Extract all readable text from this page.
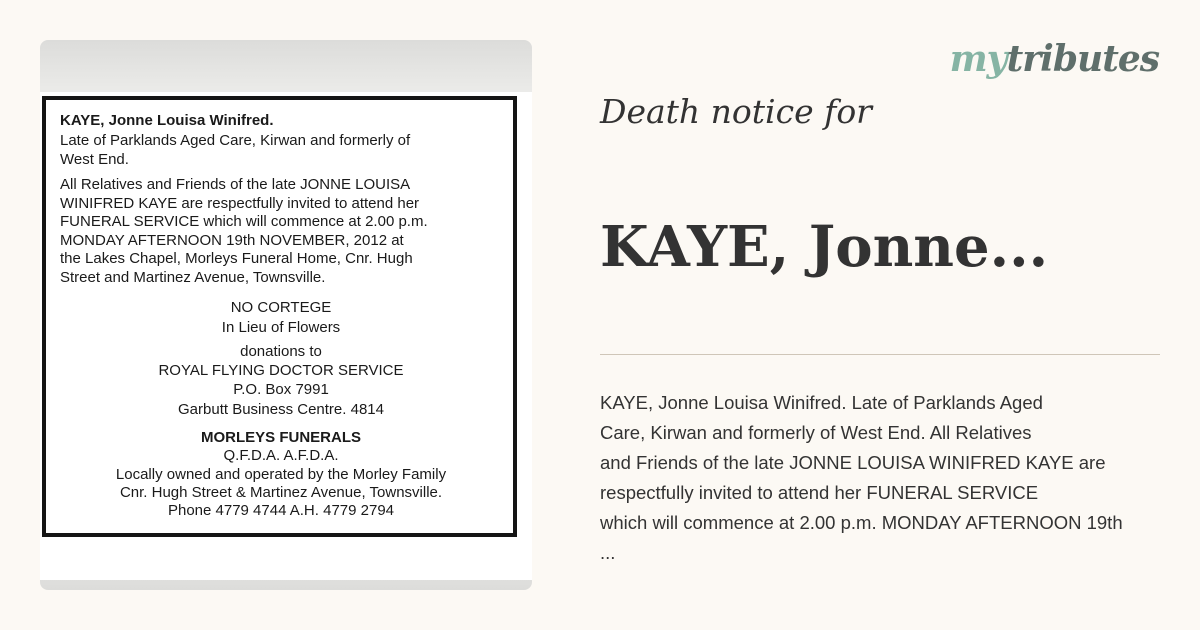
KAYE, Jonne Louisa Winifred.

Late of Parklands Aged Care, Kirwan and formerly of
West End.

All Relatives and Friends of the late JONNE LOUISA
WINIFRED KAYE are respectfully invited to attend her
FUNERAL SERVICE which will commence at 2.00 p.m.
MONDAY AFTERNOON 19th NOVEMBER, 2012 at
the Lakes Chapel, Morleys Funeral Home, Cnr. Hugh
Street and Martinez Avenue, Townsville.

NO CORTEGE
In Lieu of Flowers
donations to
ROYAL FLYING DOCTOR SERVICE
P.O. Box 7991
Garbutt Business Centre. 4814
MORLEYS FUNERALS
Q.F.D.A. A.F.D.A.
Locally owned and operated by the Morley Family
Cnr. Hugh Street & Martinez Avenue, Townsville.
Phone 4779 4744 A.H. 4779 2794
mytributes
Death notice for
KAYE, Jonne...
KAYE, Jonne Louisa Winifred. Late of Parklands Aged
Care, Kirwan and formerly of West End. All Relatives
and Friends of the late JONNE LOUISA WINIFRED KAYE are
respectfully invited to attend her FUNERAL SERVICE
which will commence at 2.00 p.m. MONDAY AFTERNOON 19th
...
